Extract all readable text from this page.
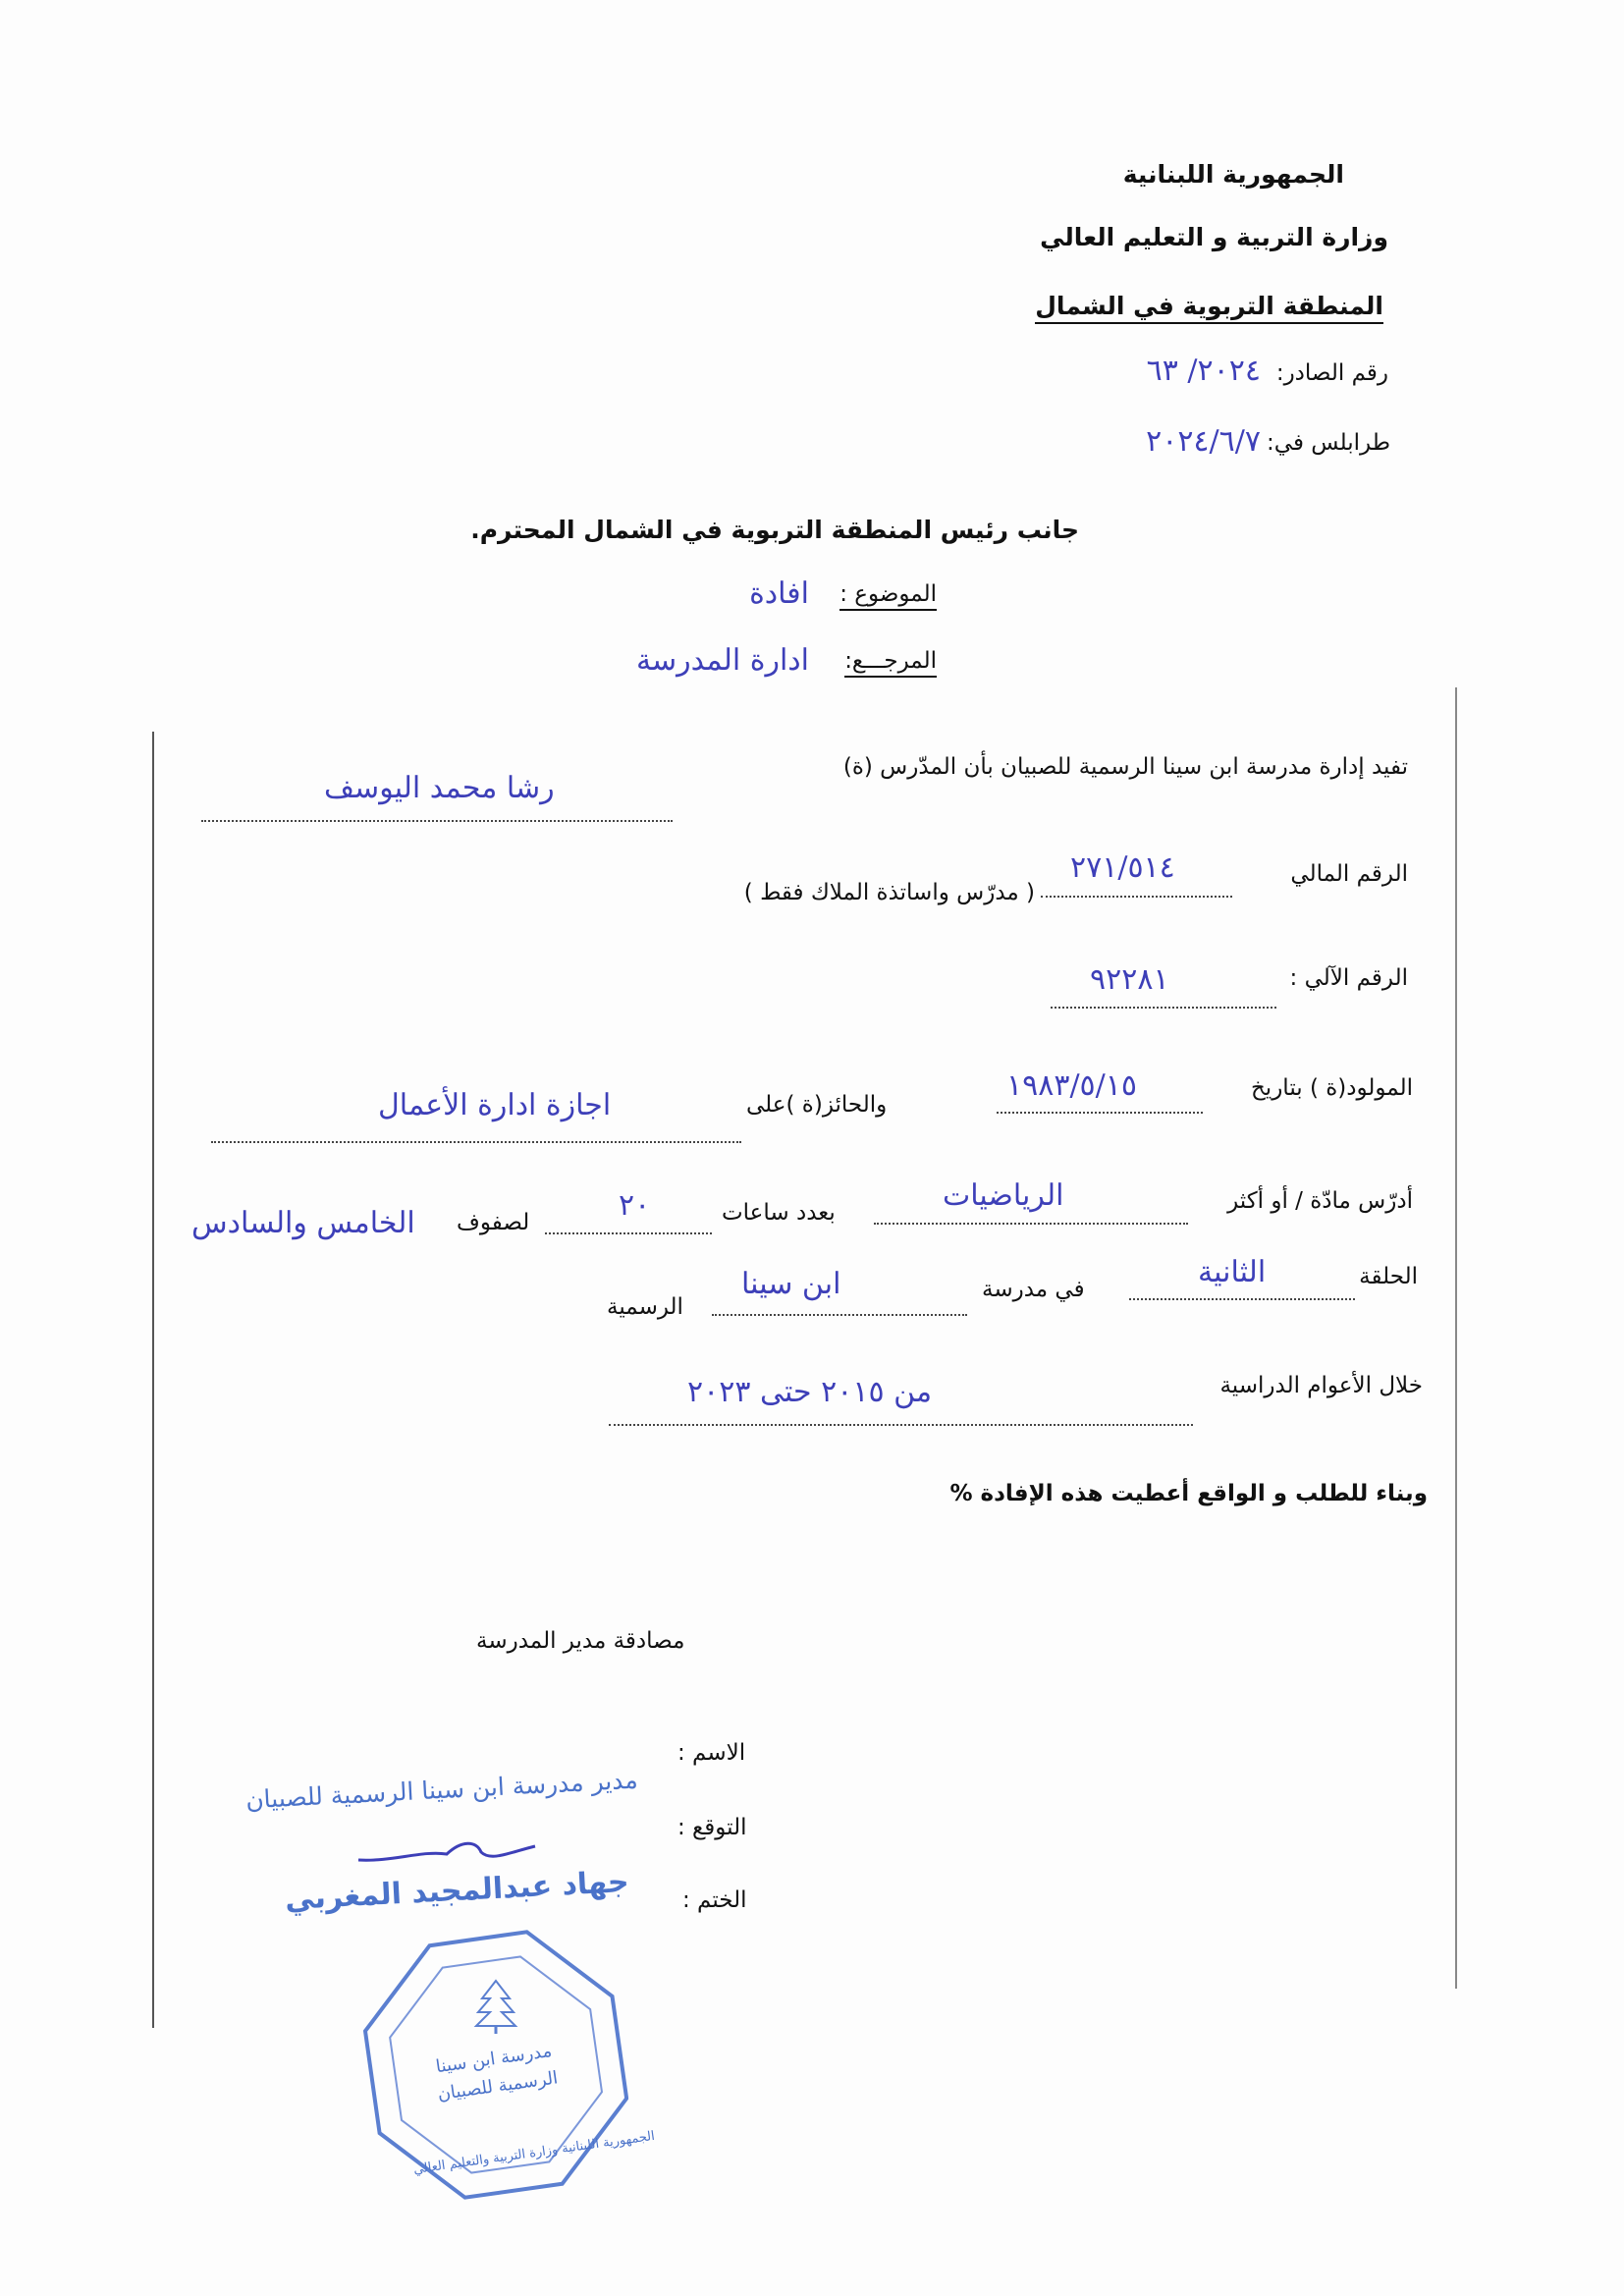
الجمهورية اللبنانية
وزارة التربية و التعليم العالي
المنطقة التربوية في الشمال
رقم الصادر:
٢٠٢٤/ ٦٣
طرابلس في:
٢٠٢٤/٦/٧
جانب رئيس المنطقة التربوية في الشمال المحترم.
الموضوع :
افادة
المرجـــع:
ادارة المدرسة
تفيد إدارة مدرسة ابن سينا الرسمية للصبيان بأن المدّرس (ة)
رشا محمد اليوسف
الرقم المالي
٢٧١/٥١٤
( مدرّس واساتذة الملاك فقط )
الرقم الآلي :
٩٢٢٨١
المولود(ة ) بتاريخ
١٩٨٣/٥/١٥
والحائز(ة )على
اجازة ادارة الأعمال
أدرّس مادّة / أو أكثر
الرياضيات
بعدد ساعات
٢٠
لصفوف
الخامس والسادس
الحلقة
الثانية
في مدرسة
ابن سينا
الرسمية
خلال الأعوام الدراسية
من ٢٠١٥ حتى ٢٠٢٣
وبناء للطلب و الواقع أعطيت هذه الإفادة %
مصادقة مدير المدرسة
الاسم :
التوقع :
الختم :
مدير مدرسة ابن سينا الرسمية للصبيان
جهاد عبدالمجيد المغربي
مدرسة ابن سينا الرسمية للصبيان
الجمهورية اللبنانية وزارة التربية والتعليم العالي
